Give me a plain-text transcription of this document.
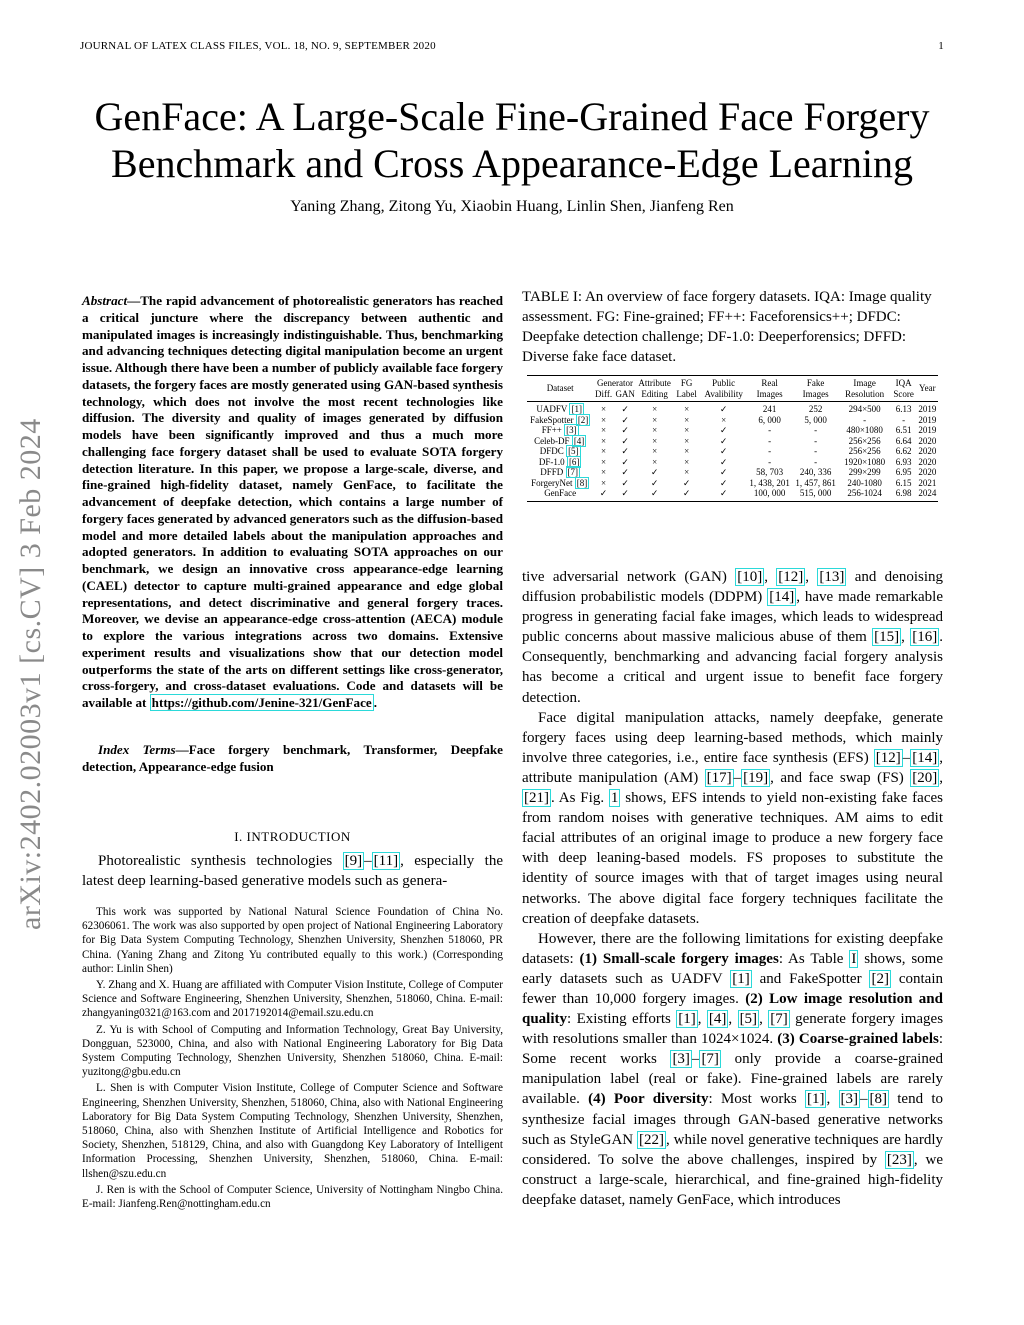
JOURNAL OF LATEX CLASS FILES, VOL. 18, NO. 9, SEPTEMBER 2020	1
GenFace: A Large-Scale Fine-Grained Face Forgery
Benchmark and Cross Appearance-Edge Learning
Yaning Zhang, Zitong Yu, Xiaobin Huang, Linlin Shen, Jianfeng Ren
arXiv:2402.02003v1 [cs.CV] 3 Feb 2024
Abstract—The rapid advancement of photorealistic generators has reached a critical juncture where the discrepancy between authentic and manipulated images is increasingly indistinguishable. Thus, benchmarking and advancing techniques detecting digital manipulation become an urgent issue. Although there have been a number of publicly available face forgery datasets, the forgery faces are mostly generated using GAN-based synthesis technology, which does not involve the most recent technologies like diffusion. The diversity and quality of images generated by diffusion models have been significantly improved and thus a much more challenging face forgery dataset shall be used to evaluate SOTA forgery detection literature. In this paper, we propose a large-scale, diverse, and fine-grained high-fidelity dataset, namely GenFace, to facilitate the advancement of deepfake detection, which contains a large number of forgery faces generated by advanced generators such as the diffusion-based model and more detailed labels about the manipulation approaches and adopted generators. In addition to evaluating SOTA approaches on our benchmark, we design an innovative cross appearance-edge learning (CAEL) detector to capture multi-grained appearance and edge global representations, and detect discriminative and general forgery traces. Moreover, we devise an appearance-edge cross-attention (AECA) module to explore the various integrations across two domains. Extensive experiment results and visualizations show that our detection model outperforms the state of the arts on different settings like cross-generator, cross-forgery, and cross-dataset evaluations. Code and datasets will be available at https://github.com/Jenine-321/GenFace .
Index Terms—Face forgery benchmark, Transformer, Deepfake detection, Appearance-edge fusion
I. INTRODUCTION
Photorealistic synthesis technologies [9] – [11] , especially the latest deep learning-based generative models such as genera-

This work was supported by National Natural Science Foundation of China No. 62306061. The work was also supported by open project of National Engineering Laboratory for Big Data System Computing Technology, Shenzhen University, Shenzhen 518060, PR China. (Yaning Zhang and Zitong Yu contributed equally to this work.) (Corresponding author: Linlin Shen)

Y. Zhang and X. Huang are affiliated with Computer Vision Institute, College of Computer Science and Software Engineering, Shenzhen University, Shenzhen, 518060, China. E-mail: zhangyaning0321@163.com and 2017192014@email.szu.edu.cn

Z. Yu is with School of Computing and Information Technology, Great Bay University, Dongguan, 523000, China, and also with National Engineering Laboratory for Big Data System Computing Technology, Shenzhen University, Shenzhen 518060, China. E-mail: yuzitong@gbu.edu.cn

L. Shen is with Computer Vision Institute, College of Computer Science and Software Engineering, Shenzhen University, Shenzhen, 518060, China, also with National Engineering Laboratory for Big Data System Computing Technology, Shenzhen University, Shenzhen, 518060, China, also with Shenzhen Institute of Artificial Intelligence and Robotics for Society, Shenzhen, 518129, China, and also with Guangdong Key Laboratory of Intelligent Information Processing, Shenzhen University, Shenzhen, 518060, China. E-mail: llshen@szu.edu.cn

J. Ren is with the School of Computer Science, University of Nottingham Ningbo China. E-mail: Jianfeng.Ren@nottingham.edu.cn

TABLE I: An overview of face forgery datasets. IQA: Image quality assessment. FG: Fine-grained; FF++: Faceforensics++; DFDC: Deepfake detection challenge; DF-1.0: Deeperforensics; DFFD: Diverse fake face dataset.
Dataset	Generator		Attribute Editing	FG Label	Public Avalibility	Real Images	Fake Images	Image Resolution	IQA Score	Year
	Diff.	GAN								
UADFV [1]	×	✓	×	×	✓	241	252	294×500	6.13	2019
FakeSpotter [2]	×	✓	×	×	×	6, 000	5, 000	-	-	2019
FF++ [3]	×	✓	×	×	✓	-	-	480×1080	6.51	2019
Celeb-DF [4]	×	✓	×	×	✓	-	-	256×256	6.64	2020
DFDC [5]	×	✓	×	×	✓	-	-	256×256	6.62	2020
DF-1.0 [6]	×	✓	×	×	✓	-	-	1920×1080	6.93	2020
DFFD [7]	×	✓	✓	×	✓	58, 703	240, 336	299×299	6.95	2020
ForgeryNet [8]	×	✓	✓	✓	✓	1, 438, 201	1, 457, 861	240-1080	6.15	2021
GenFace	✓	✓	✓	✓	✓	100, 000	515, 000	256-1024	6.98	2024

tive adversarial network (GAN) [10] , [12] , [13] and denoising diffusion probabilistic models (DDPM) [14] , have made remarkable progress in generating facial fake images, which leads to widespread public concerns about massive malicious abuse of them [15] , [16] . Consequently, benchmarking and advancing facial forgery analysis has become a critical and urgent issue to benefit face forgery detection.

Face digital manipulation attacks, namely deepfake, generate forgery faces using deep learning-based methods, which mainly involve three categories, i.e., entire face synthesis (EFS) [12] – [14] , attribute manipulation (AM) [17] – [19] , and face swap (FS) [20] , [21] . As Fig. 1 shows, EFS intends to yield non-existing fake faces from random noises with generative techniques. AM aims to edit facial attributes of an original image to produce a new forgery face with deep leaning-based models. FS proposes to substitute the identity of source images with that of target images using neural networks. The above digital face forgery techniques facilitate the creation of deepfake datasets.

However, there are the following limitations for existing deepfake datasets: (1) Small-scale forgery images: As Table I shows, some early datasets such as UADFV [1] and FakeSpotter [2] contain fewer than 10,000 forgery images. (2) Low image resolution and quality: Existing efforts [1] , [4] , [5] , [7] generate forgery images with resolutions smaller than 1024×1024. (3) Coarse-grained labels: Some recent works [3] – [7] only provide a coarse-grained manipulation label (real or fake). Fine-grained labels are rarely available. (4) Poor diversity: Most works [1] , [3] – [8] tend to synthesize facial images through GAN-based generative networks such as StyleGAN [22] , while novel generative techniques are hardly considered. To solve the above challenges, inspired by [23] , we construct a large-scale, hierarchical, and fine-grained high-fidelity deepfake dataset, namely GenFace, which introduces
